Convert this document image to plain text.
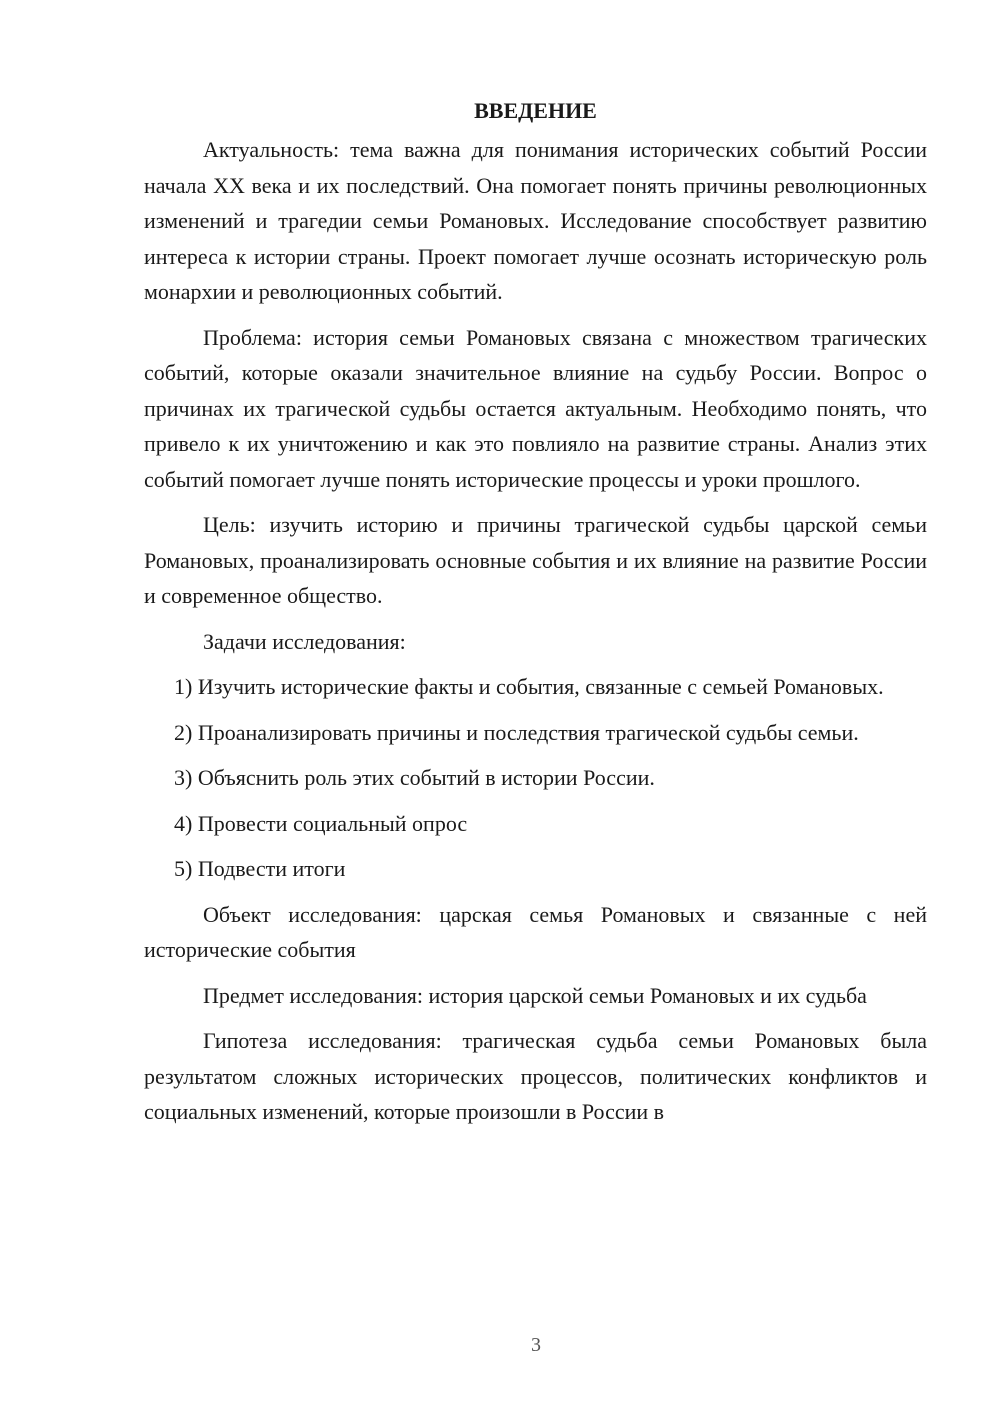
ВВЕДЕНИЕ

Актуальность: тема важна для понимания исторических событий России начала XX века и их последствий. Она помогает понять причины революционных изменений и трагедии семьи Романовых. Исследование способствует развитию интереса к истории страны. Проект помогает лучше осознать историческую роль монархии и революционных событий.

Проблема: история семьи Романовых связана с множеством трагических событий, которые оказали значительное влияние на судьбу России. Вопрос о причинах их трагической судьбы остается актуальным. Необходимо понять, что привело к их уничтожению и как это повлияло на развитие страны. Анализ этих событий помогает лучше понять исторические процессы и уроки прошлого.

Цель: изучить историю и причины трагической судьбы царской семьи Романовых, проанализировать основные события и их влияние на развитие России и современное общество.

Задачи исследования:

1) Изучить исторические факты и события, связанные с семьей Романовых.

2) Проанализировать причины и последствия трагической судьбы семьи.

3) Объяснить роль этих событий в истории России.

4) Провести социальный опрос

5) Подвести итоги

Объект исследования: царская семья Романовых и связанные с ней исторические события

Предмет исследования: история царской семьи Романовых и их судьба

Гипотеза исследования: трагическая судьба семьи Романовых была результатом сложных исторических процессов, политических конфликтов и социальных изменений, которые произошли в России в

3
